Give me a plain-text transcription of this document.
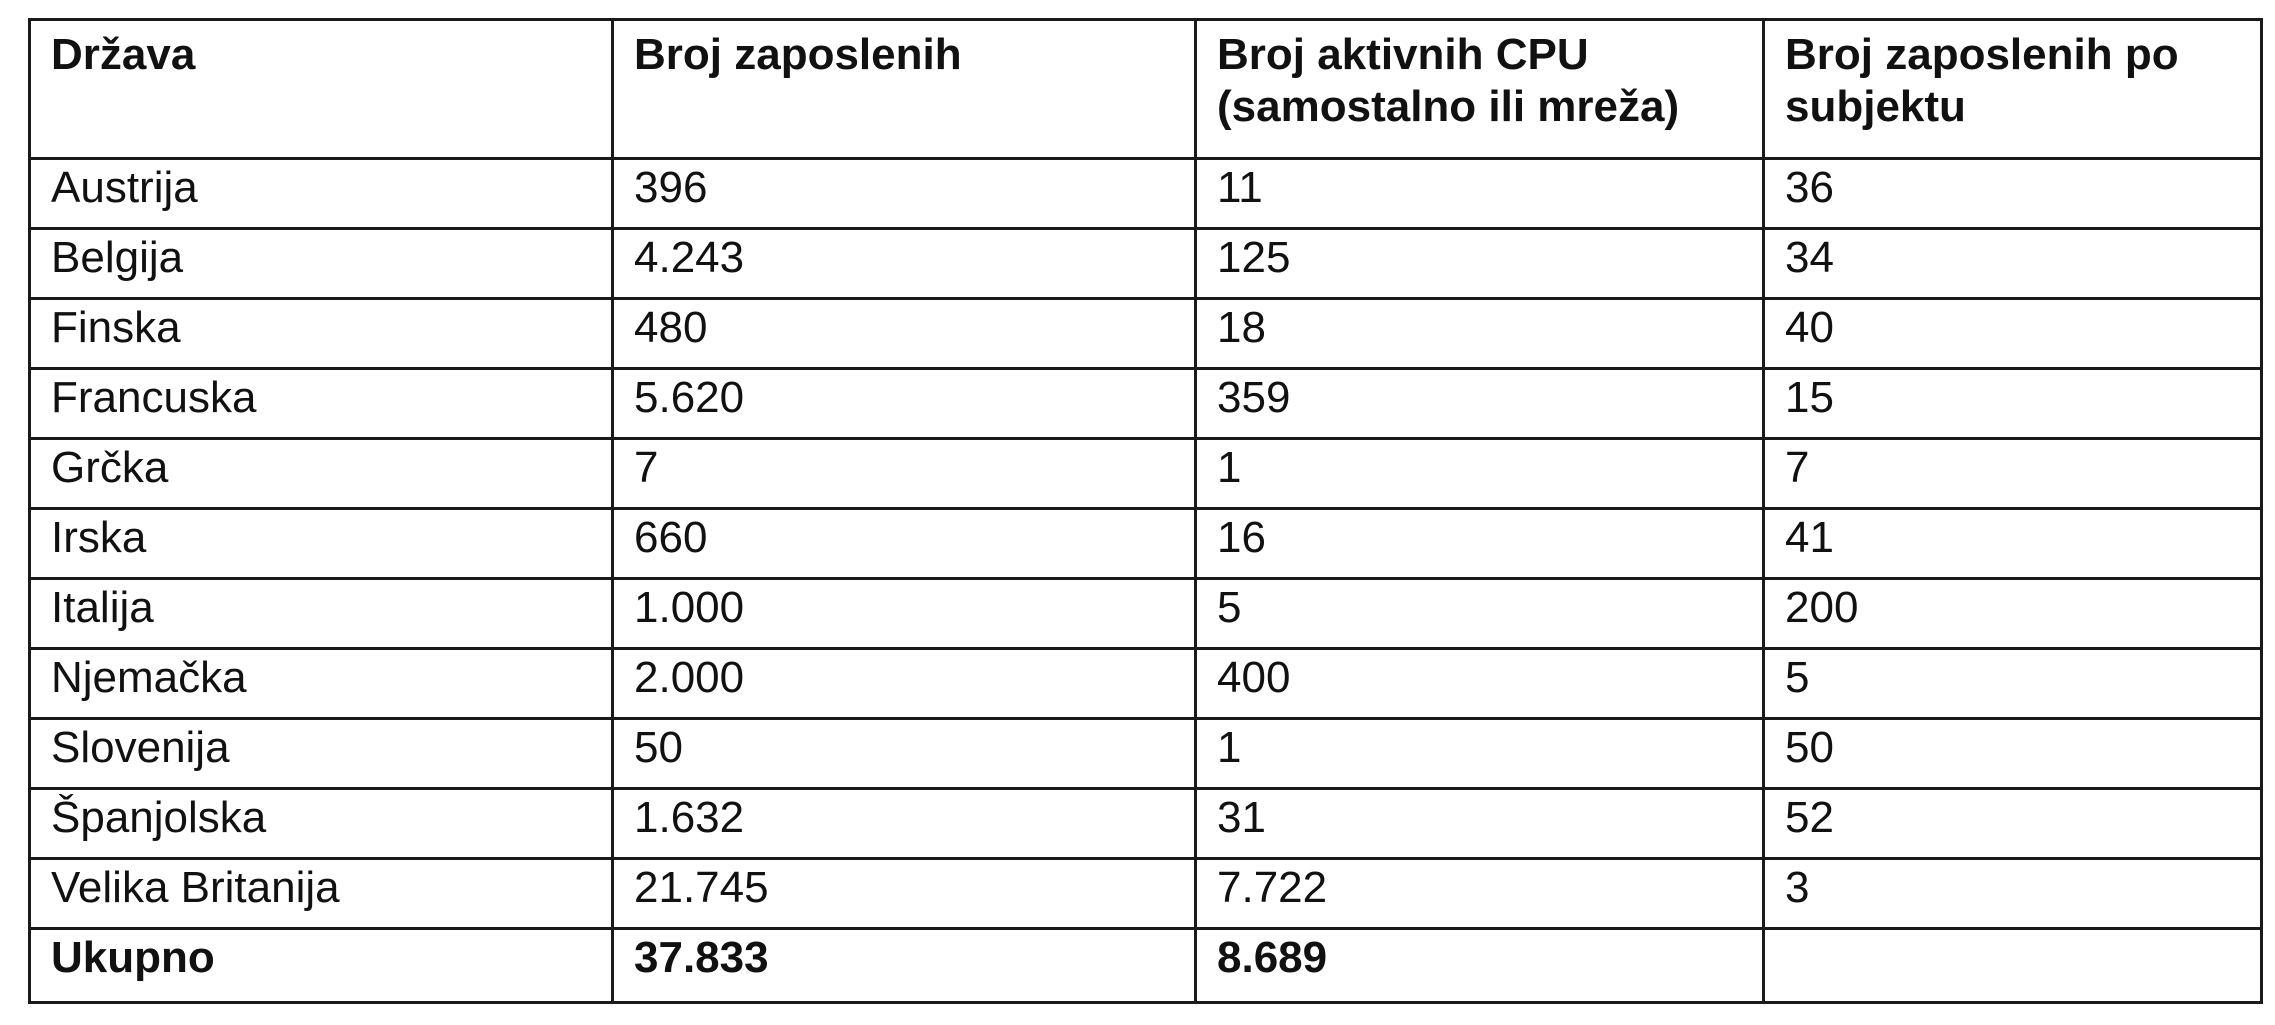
Država	Broj zaposlenih	Broj aktivnih CPU (samostalno ili mreža)	Broj zaposlenih po subjektu
Austrija	396	11	36
Belgija	4.243	125	34
Finska	480	18	40
Francuska	5.620	359	15
Grčka	7	1	7
Irska	660	16	41
Italija	1.000	5	200
Njemačka	2.000	400	5
Slovenija	50	1	50
Španjolska	1.632	31	52
Velika Britanija	21.745	7.722	3
Ukupno	37.833	8.689	
